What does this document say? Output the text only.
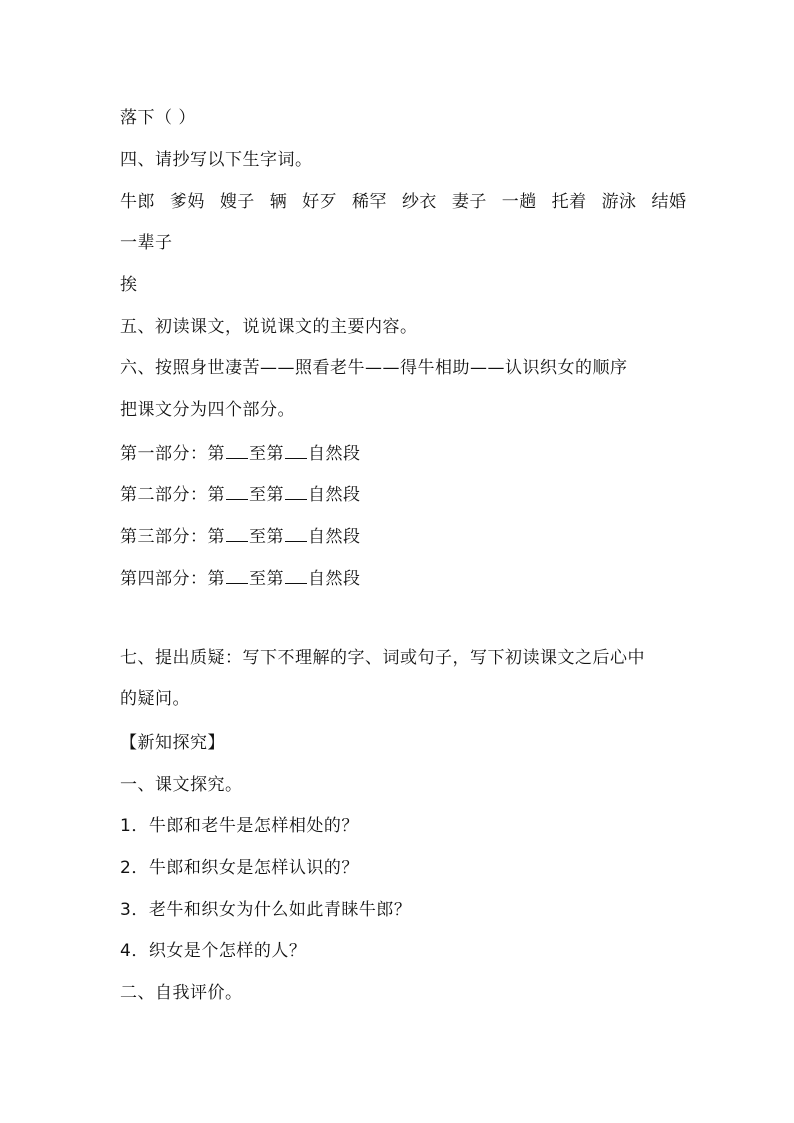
落下（ ）
四、请抄写以下生字词。
牛郎 爹妈 嫂子 辆 好歹 稀罕 纱衣 妻子 一趟 托着 游泳 结婚
一辈子
挨
五、初读课文，说说课文的主要内容。
六、按照身世凄苦——照看老牛——得牛相助——认识织女的顺序
把课文分为四个部分。
第一部分：第 至第 自然段
第二部分：第 至第 自然段
第三部分：第 至第 自然段
第四部分：第 至第 自然段
七、提出质疑：写下不理解的字、词或句子，写下初读课文之后心中
的疑问。
【新知探究】
一、课文探究。
1．牛郎和老牛是怎样相处的？
2．牛郎和织女是怎样认识的？
3．老牛和织女为什么如此青睐牛郎？
4．织女是个怎样的人？
二、自我评价。
